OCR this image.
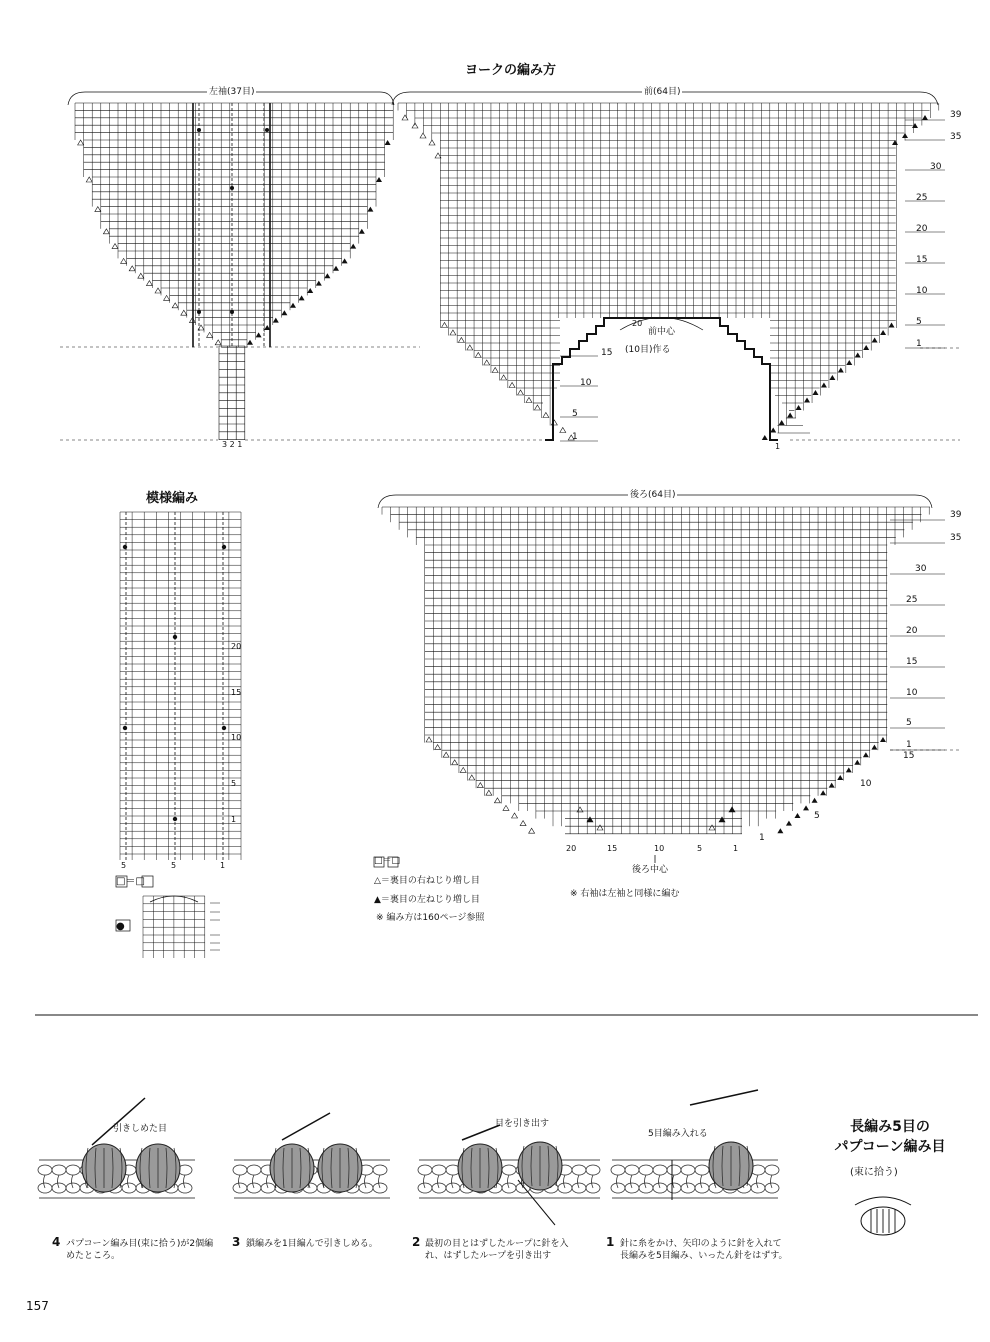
ヨークの編み方
左袖(37目)	前(64目)
前中心
(10目)作る
20
3 2 1	1
39
35
30
25
20
15
10
5
1
15
10
5
1
模様編み
20
15
10
5
1
5	5	1
□＝□
●
後ろ(64目)
39
35
30
25
20
15
10
5
1
15
10
5
1
20	15	10	5	1
後ろ中心
□＝□
△＝裏目の右ねじり増し目
▲＝裏目の左ねじり増し目
※ 編み方は160ページ参照
※ 右袖は左袖と同様に編む
長編み5目の
パプコーン編み目
(束に拾う)
引きしめた目	目を引き出す
5目編み入れる
4 パプコーン編み目(束に拾う)が2個編めたところ。
3 鎖編みを1目編んで引きしめる。	2 最初の目とはずしたループに針を入れ、はずしたループを引き出す
1 針に糸をかけ、矢印のように針を入れて長編みを5目編み、いったん針をはずす。
157
